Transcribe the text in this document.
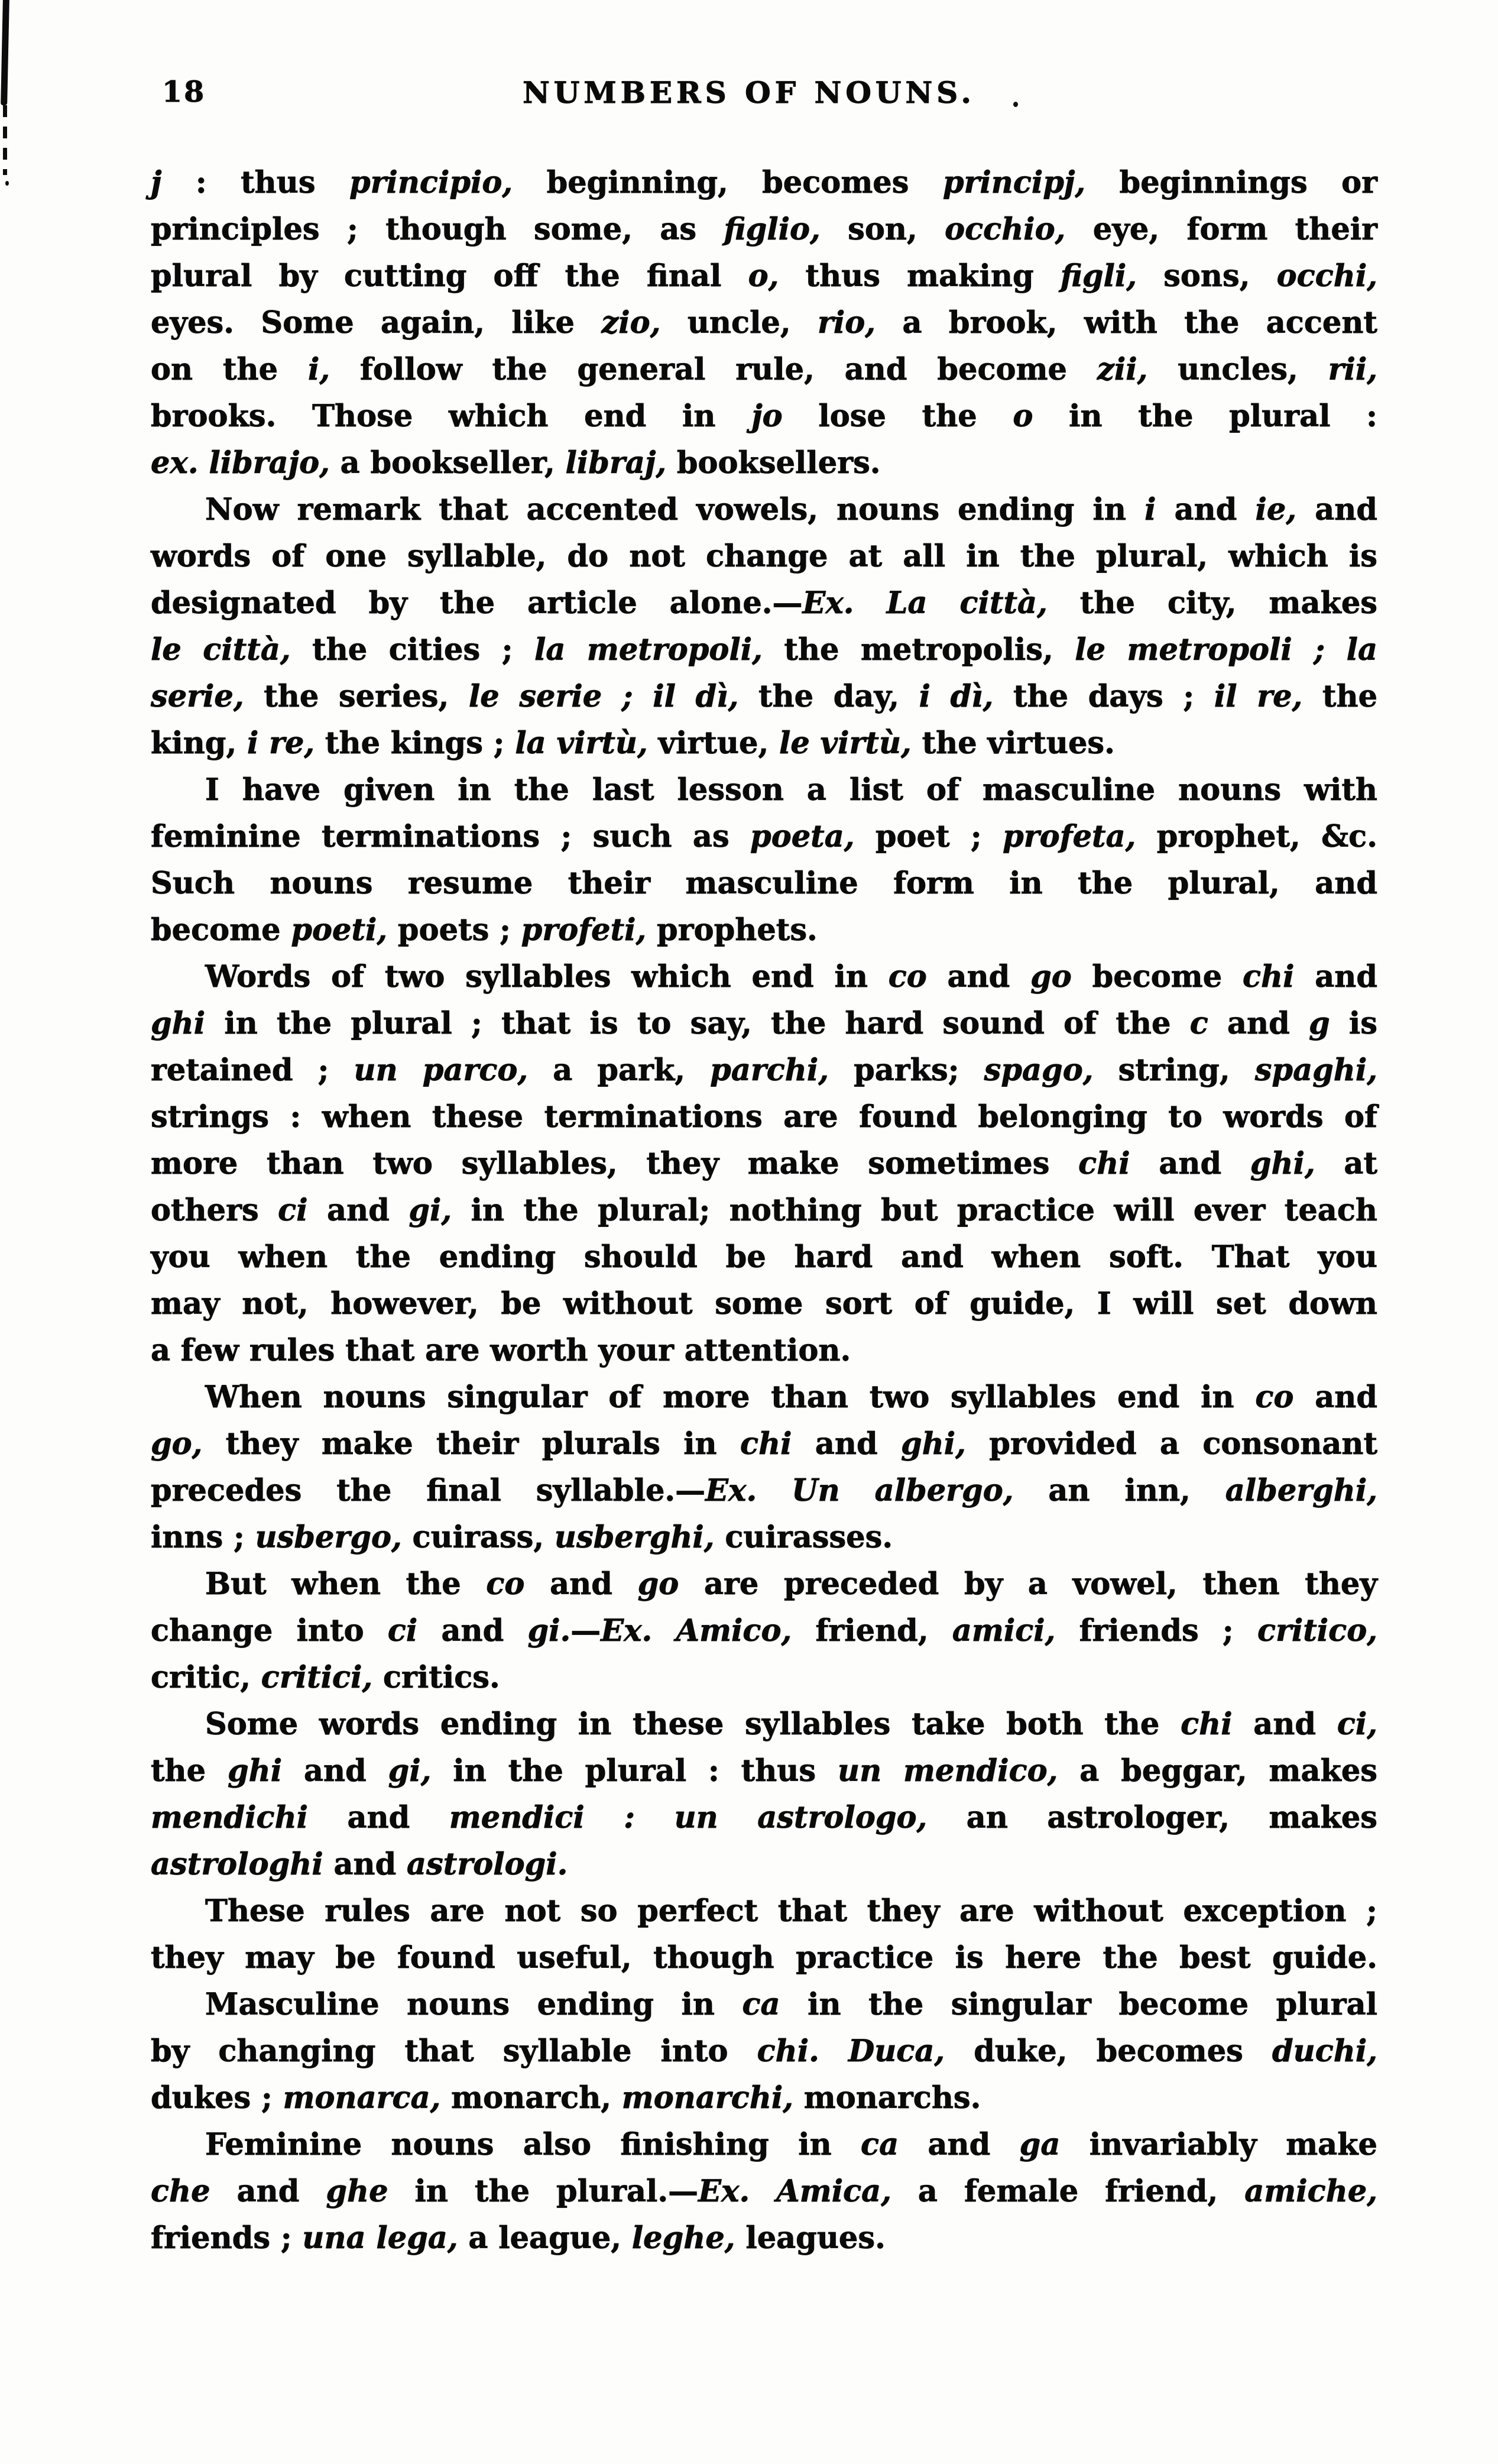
18	NUMBERS OF NOUNS.
j : thus principio, beginning, becomes principj, beginnings or
principles ; though some, as figlio, son, occhio, eye, form their
plural by cutting off the final o, thus making figli, sons, occhi,
eyes. Some again, like zio, uncle, rio, a brook, with the accent
on the i, follow the general rule, and become zii, uncles, rii,
brooks. Those which end in jo lose the o in the plural :
ex. librajo, a bookseller, libraj, booksellers.
Now remark that accented vowels, nouns ending in i and ie, and
words of one syllable, do not change at all in the plural, which is
designated by the article alone.—Ex. La città, the city, makes
le città, the cities ; la metropoli, the metropolis, le metropoli ; la
serie, the series, le serie ; il dì, the day, i dì, the days ; il re, the
king, i re, the kings ; la virtù, virtue, le virtù, the virtues.
I have given in the last lesson a list of masculine nouns with
feminine terminations ; such as poeta, poet ; profeta, prophet, &c.
Such nouns resume their masculine form in the plural, and
become poeti, poets ; profeti, prophets.
Words of two syllables which end in co and go become chi and
ghi in the plural ; that is to say, the hard sound of the c and g is
retained ; un parco, a park, parchi, parks; spago, string, spaghi,
strings : when these terminations are found belonging to words of
more than two syllables, they make sometimes chi and ghi, at
others ci and gi, in the plural; nothing but practice will ever teach
you when the ending should be hard and when soft. That you
may not, however, be without some sort of guide, I will set down
a few rules that are worth your attention.
When nouns singular of more than two syllables end in co and
go, they make their plurals in chi and ghi, provided a consonant
precedes the final syllable.—Ex. Un albergo, an inn, alberghi,
inns ; usbergo, cuirass, usberghi, cuirasses.
But when the co and go are preceded by a vowel, then they
change into ci and gi.—Ex. Amico, friend, amici, friends ; critico,
critic, critici, critics.
Some words ending in these syllables take both the chi and ci,
the ghi and gi, in the plural : thus un mendico, a beggar, makes
mendichi and mendici : un astrologo, an astrologer, makes
astrologhi and astrologi.
These rules are not so perfect that they are without exception ;
they may be found useful, though practice is here the best guide.
Masculine nouns ending in ca in the singular become plural
by changing that syllable into chi. Duca, duke, becomes duchi,
dukes ; monarca, monarch, monarchi, monarchs.
Feminine nouns also finishing in ca and ga invariably make
che and ghe in the plural.—Ex. Amica, a female friend, amiche,
friends ; una lega, a league, leghe, leagues.
